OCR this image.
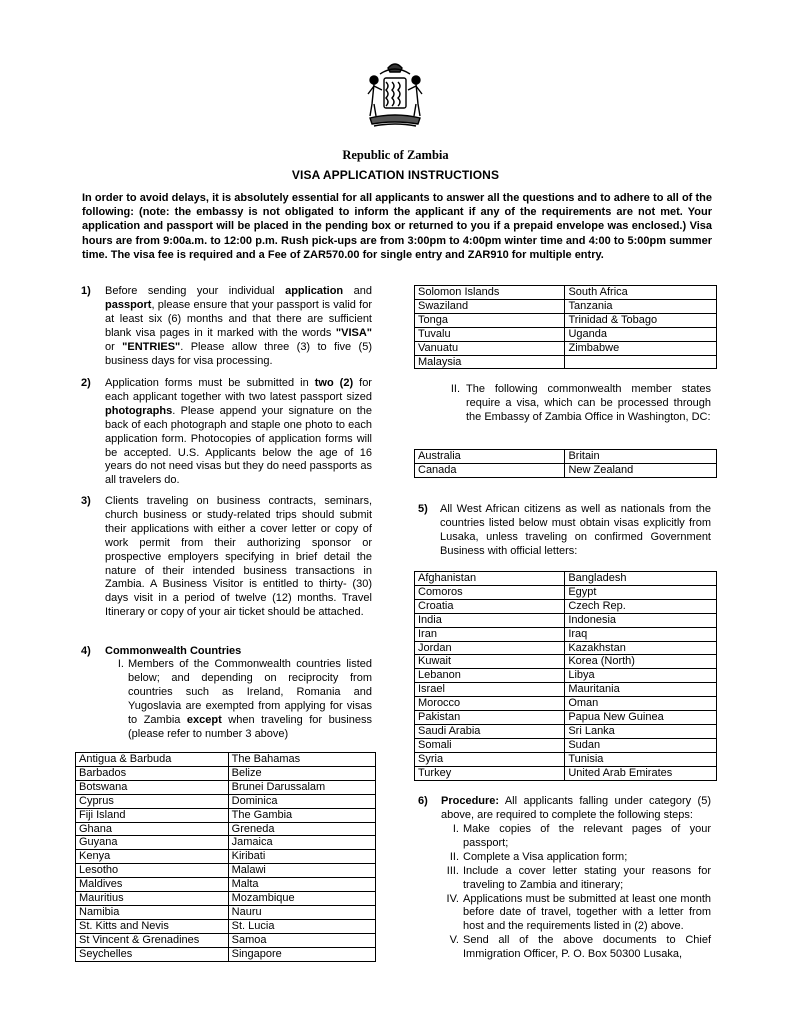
Republic of Zambia
VISA APPLICATION INSTRUCTIONS
In order to avoid delays, it is absolutely essential for all applicants to answer all the questions and to adhere to all of the following: (note: the embassy is not obligated to inform the applicant if any of the requirements are not met. Your application and passport will be placed in the pending box or returned to you if a prepaid envelope was enclosed.) Visa hours are from 9:00a.m. to 12:00 p.m. Rush pick-ups are from 3:00pm to 4:00pm winter time and 4:00 to 5:00pm summer time. The visa fee is required and a Fee of ZAR570.00 for single entry and ZAR910 for multiple entry.
1) Before sending your individual application and passport, please ensure that your passport is valid for at least six (6) months and that there are sufficient blank visa pages in it marked with the words "VISA" or "ENTRIES". Please allow three (3) to five (5) business days for visa processing.
2) Application forms must be submitted in two (2) for each applicant together with two latest passport sized photographs. Please append your signature on the back of each photograph and staple one photo to each application form. Photocopies of application forms will be accepted. U.S. Applicants below the age of 16 years do not need visas but they do need passports as all travelers do.
3) Clients traveling on business contracts, seminars, church business or study-related trips should submit their applications with either a cover letter or copy of work permit from their authorizing sponsor or prospective employers specifying in brief detail the nature of their intended business transactions in Zambia. A Business Visitor is entitled to thirty- (30) days visit in a period of twelve (12) months. Travel Itinerary or copy of your air ticket should be attached.
4) Commonwealth Countries
I. Members of the Commonwealth countries listed below; and depending on reciprocity from countries such as Ireland, Romania and Yugoslavia are exempted from applying for visas to Zambia except when traveling for business (please refer to number 3 above)
Antigua & Barbuda	The Bahamas
Barbados	Belize
Botswana	Brunei Darussalam
Cyprus	Dominica
Fiji Island	The Gambia
Ghana	Greneda
Guyana	Jamaica
Kenya	Kiribati
Lesotho	Malawi
Maldives	Malta
Mauritius	Mozambique
Namibia	Nauru
St. Kitts and Nevis	St. Lucia
St Vincent & Grenadines	Samoa
Seychelles	Singapore
Solomon Islands	South Africa
Swaziland	Tanzania
Tonga	Trinidad & Tobago
Tuvalu	Uganda
Vanuatu	Zimbabwe
Malaysia	
II. The following commonwealth member states require a visa, which can be processed through the Embassy of Zambia Office in Washington, DC:
Australia	Britain
Canada	New Zealand
5) All West African citizens as well as nationals from the countries listed below must obtain visas explicitly from Lusaka, unless traveling on confirmed Government Business with official letters:
Afghanistan	Bangladesh
Comoros	Egypt
Croatia	Czech Rep.
India	Indonesia
Iran	Iraq
Jordan	Kazakhstan
Kuwait	Korea (North)
Lebanon	Libya
Israel	Mauritania
Morocco	Oman
Pakistan	Papua New Guinea
Saudi Arabia	Sri Lanka
Somali	Sudan
Syria	Tunisia
Turkey	United Arab Emirates
6) Procedure: All applicants falling under category (5) above, are required to complete the following steps:
I. Make copies of the relevant pages of your passport;
II. Complete a Visa application form;
III. Include a cover letter stating your reasons for traveling to Zambia and itinerary;
IV. Applications must be submitted at least one month before date of travel, together with a letter from host and the requirements listed in (2) above.
V. Send all of the above documents to Chief Immigration Officer, P. O. Box 50300 Lusaka,
